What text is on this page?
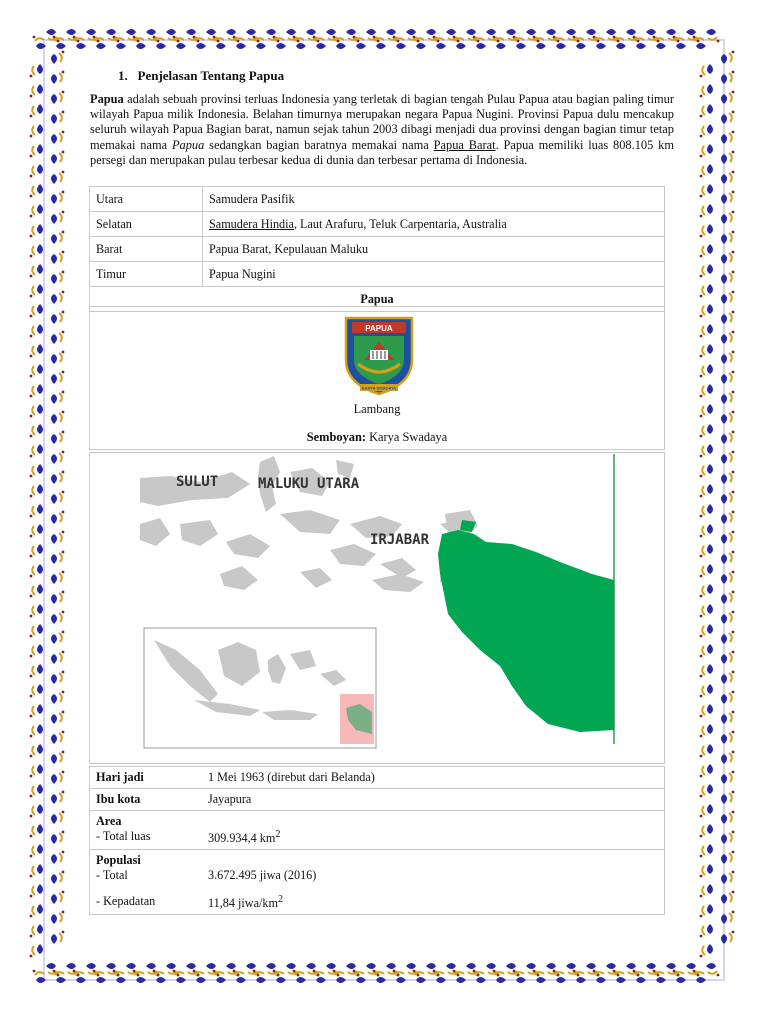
1. Penjelasan Tentang Papua
Papua adalah sebuah provinsi terluas Indonesia yang terletak di bagian tengah Pulau Papua atau bagian paling timur wilayah Papua milik Indonesia. Belahan timurnya merupakan negara Papua Nugini. Provinsi Papua dulu mencakup seluruh wilayah Papua Bagian barat, namun sejak tahun 2003 dibagi menjadi dua provinsi dengan bagian timur tetap memakai nama Papua sedangkan bagian baratnya memakai nama Papua Barat. Papua memiliki luas 808.105 km persegi dan merupakan pulau terbesar kedua di dunia dan terbesar pertama di Indonesia.
Utara	Samudera Pasifik
Selatan	Samudera Hindia, Laut Arafuru, Teluk Carpentaria, Australia
Barat	Papua Barat, Kepulauan Maluku
Timur	Papua Nugini
Papua	
PAPUA
KARYA SWADAYA
Lambang
Semboyan: Karya Swadaya
SULUT	MALUKU UTARA
IRJABAR
Hari jadi	1 Mei 1963 (direbut dari Belanda)
Ibu kota	Jayapura
Area	
- Total luas	309.934,4 $km^2$
Populasi	
- Total	3.672.495 jiwa (2016)
- Kepadatan	11,84 jiwa/$km^2$
